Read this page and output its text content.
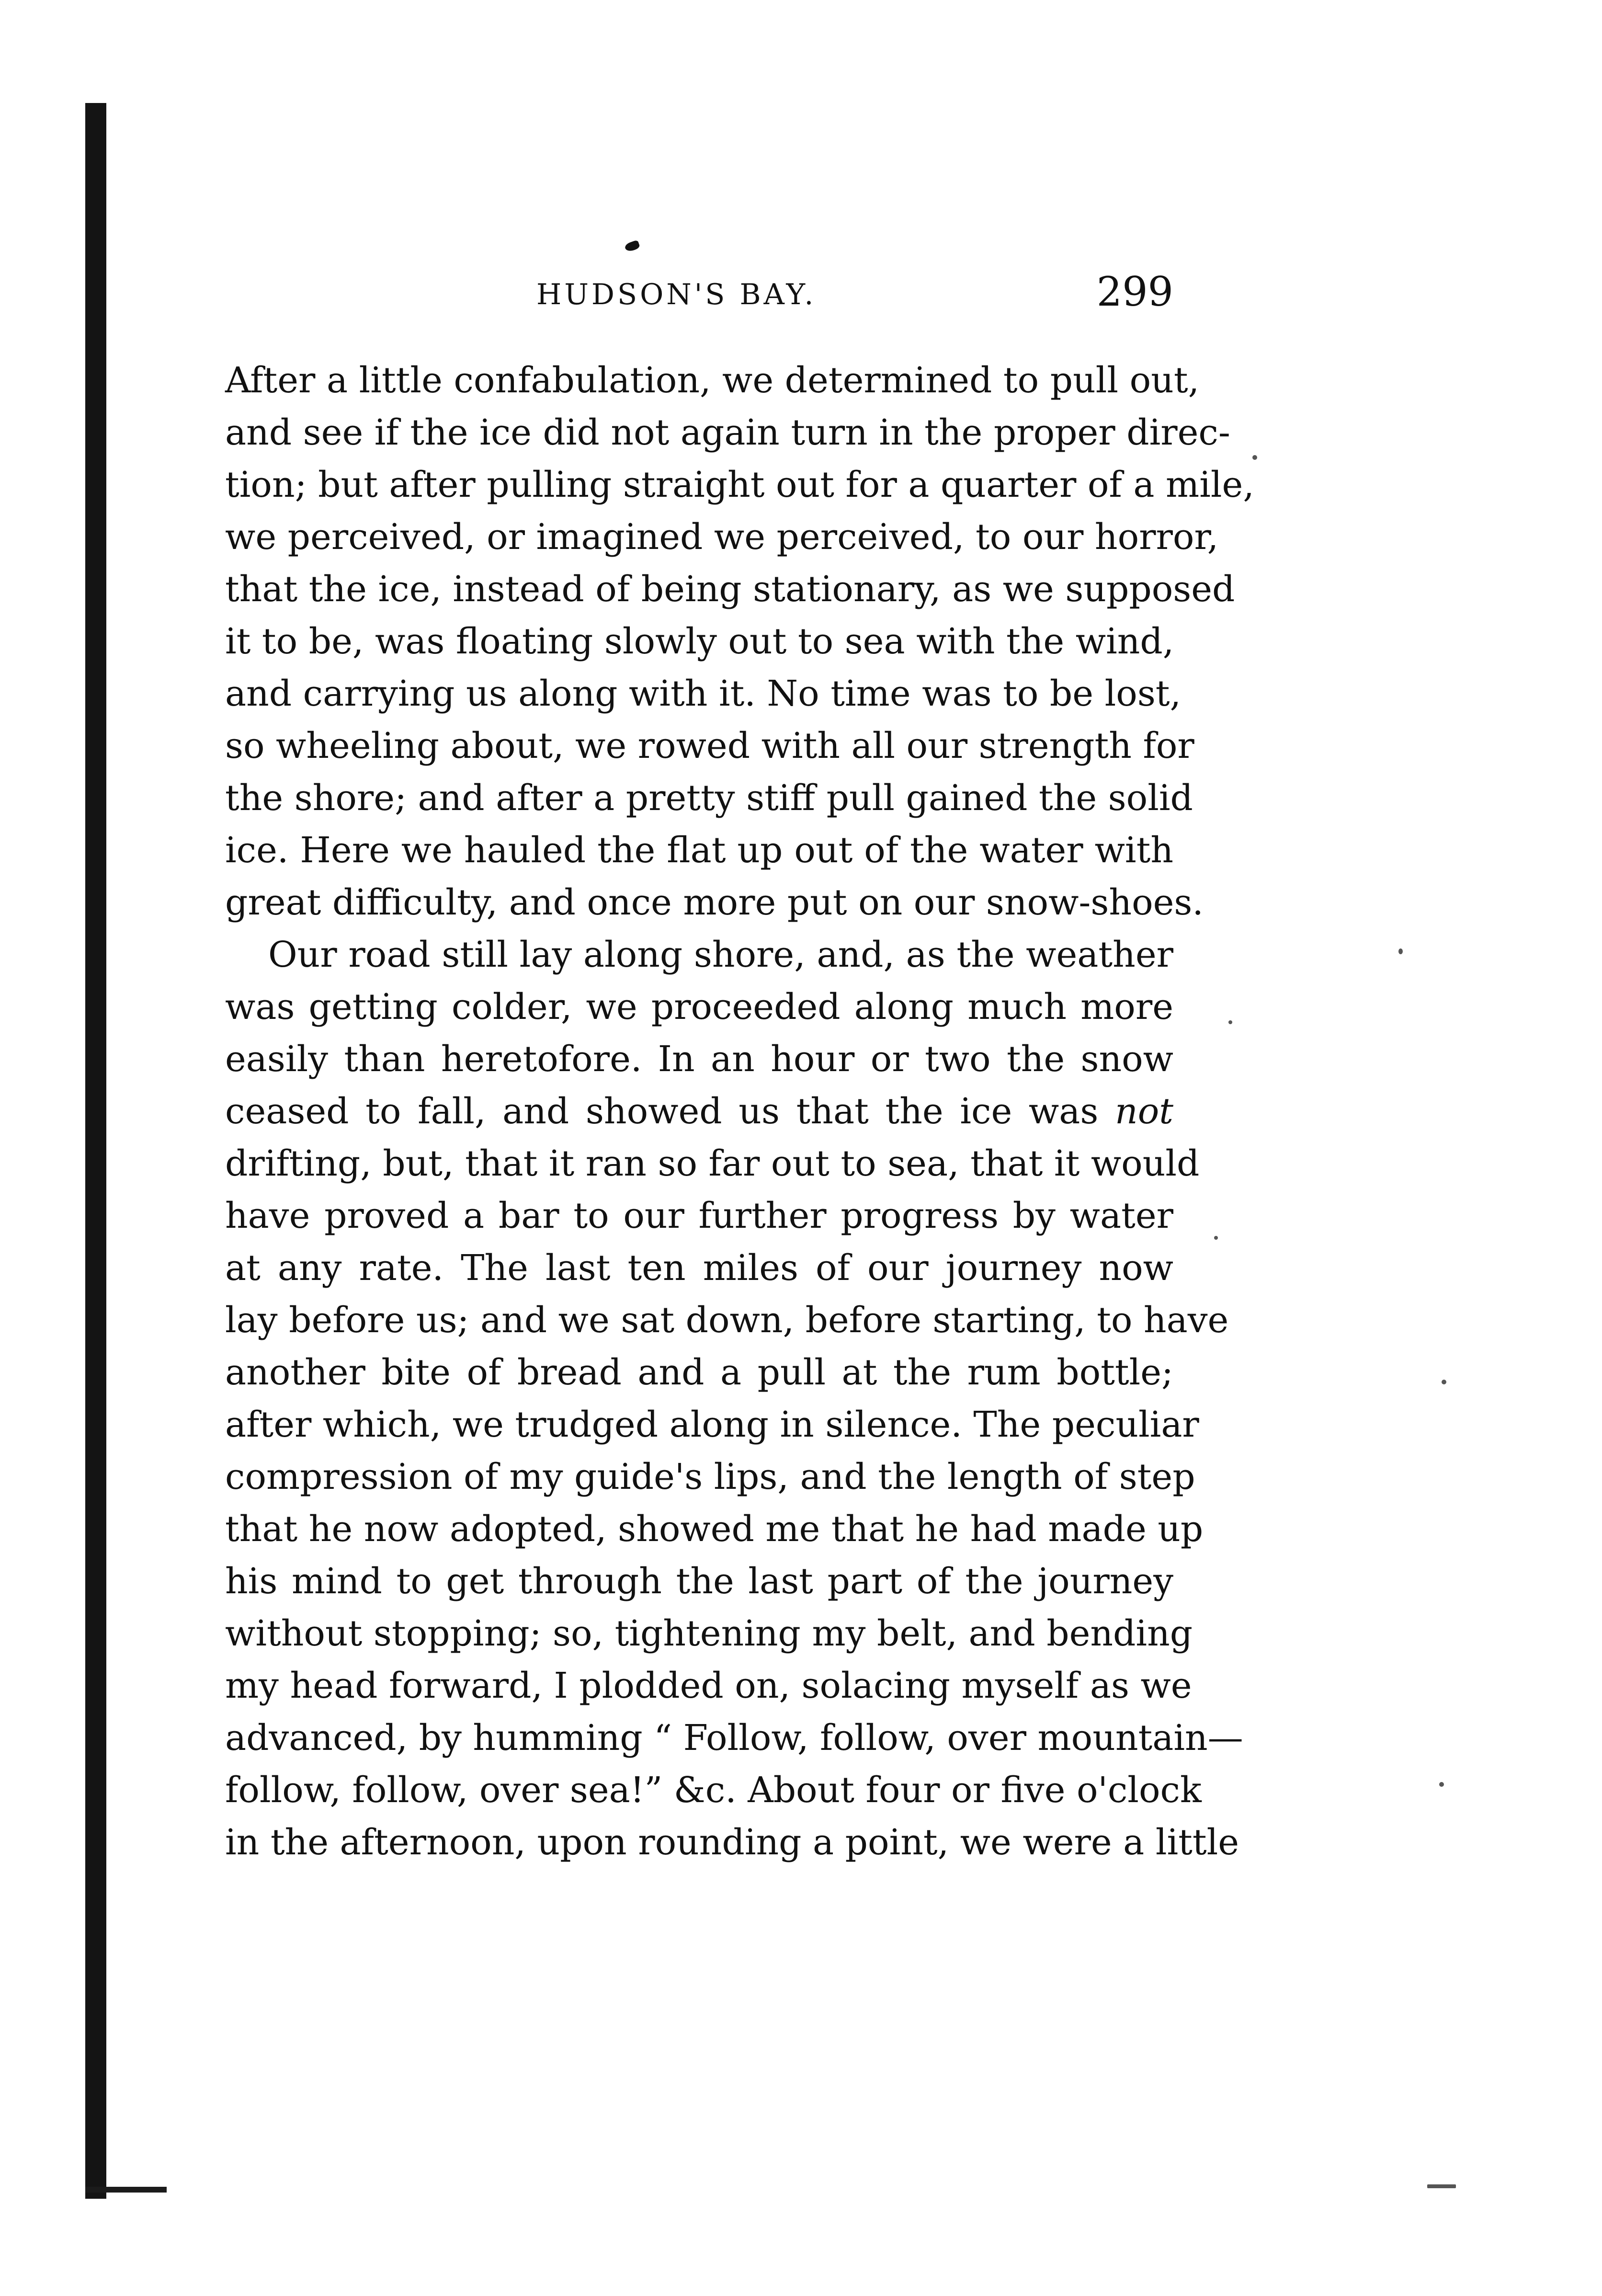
HUDSON'S BAY.	299
After a little confabulation, we determined to pull out,
and see if the ice did not again turn in the proper direc-
tion; but after pulling straight out for a quarter of a mile,
we perceived, or imagined we perceived, to our horror,
that the ice, instead of being stationary, as we supposed
it to be, was floating slowly out to sea with the wind,
and carrying us along with it. No time was to be lost,
so wheeling about, we rowed with all our strength for
the shore; and after a pretty stiff pull gained the solid
ice. Here we hauled the flat up out of the water with
great difficulty, and once more put on our snow-shoes.
Our road still lay along shore, and, as the weather
was getting colder, we proceeded along much more
easily than heretofore. In an hour or two the snow
ceased to fall, and showed us that the ice was not
drifting, but, that it ran so far out to sea, that it would
have proved a bar to our further progress by water
at any rate. The last ten miles of our journey now
lay before us; and we sat down, before starting, to have
another bite of bread and a pull at the rum bottle;
after which, we trudged along in silence. The peculiar
compression of my guide's lips, and the length of step
that he now adopted, showed me that he had made up
his mind to get through the last part of the journey
without stopping; so, tightening my belt, and bending
my head forward, I plodded on, solacing myself as we
advanced, by humming “ Follow, follow, over mountain—
follow, follow, over sea!” &c. About four or five o'clock
in the afternoon, upon rounding a point, we were a little
